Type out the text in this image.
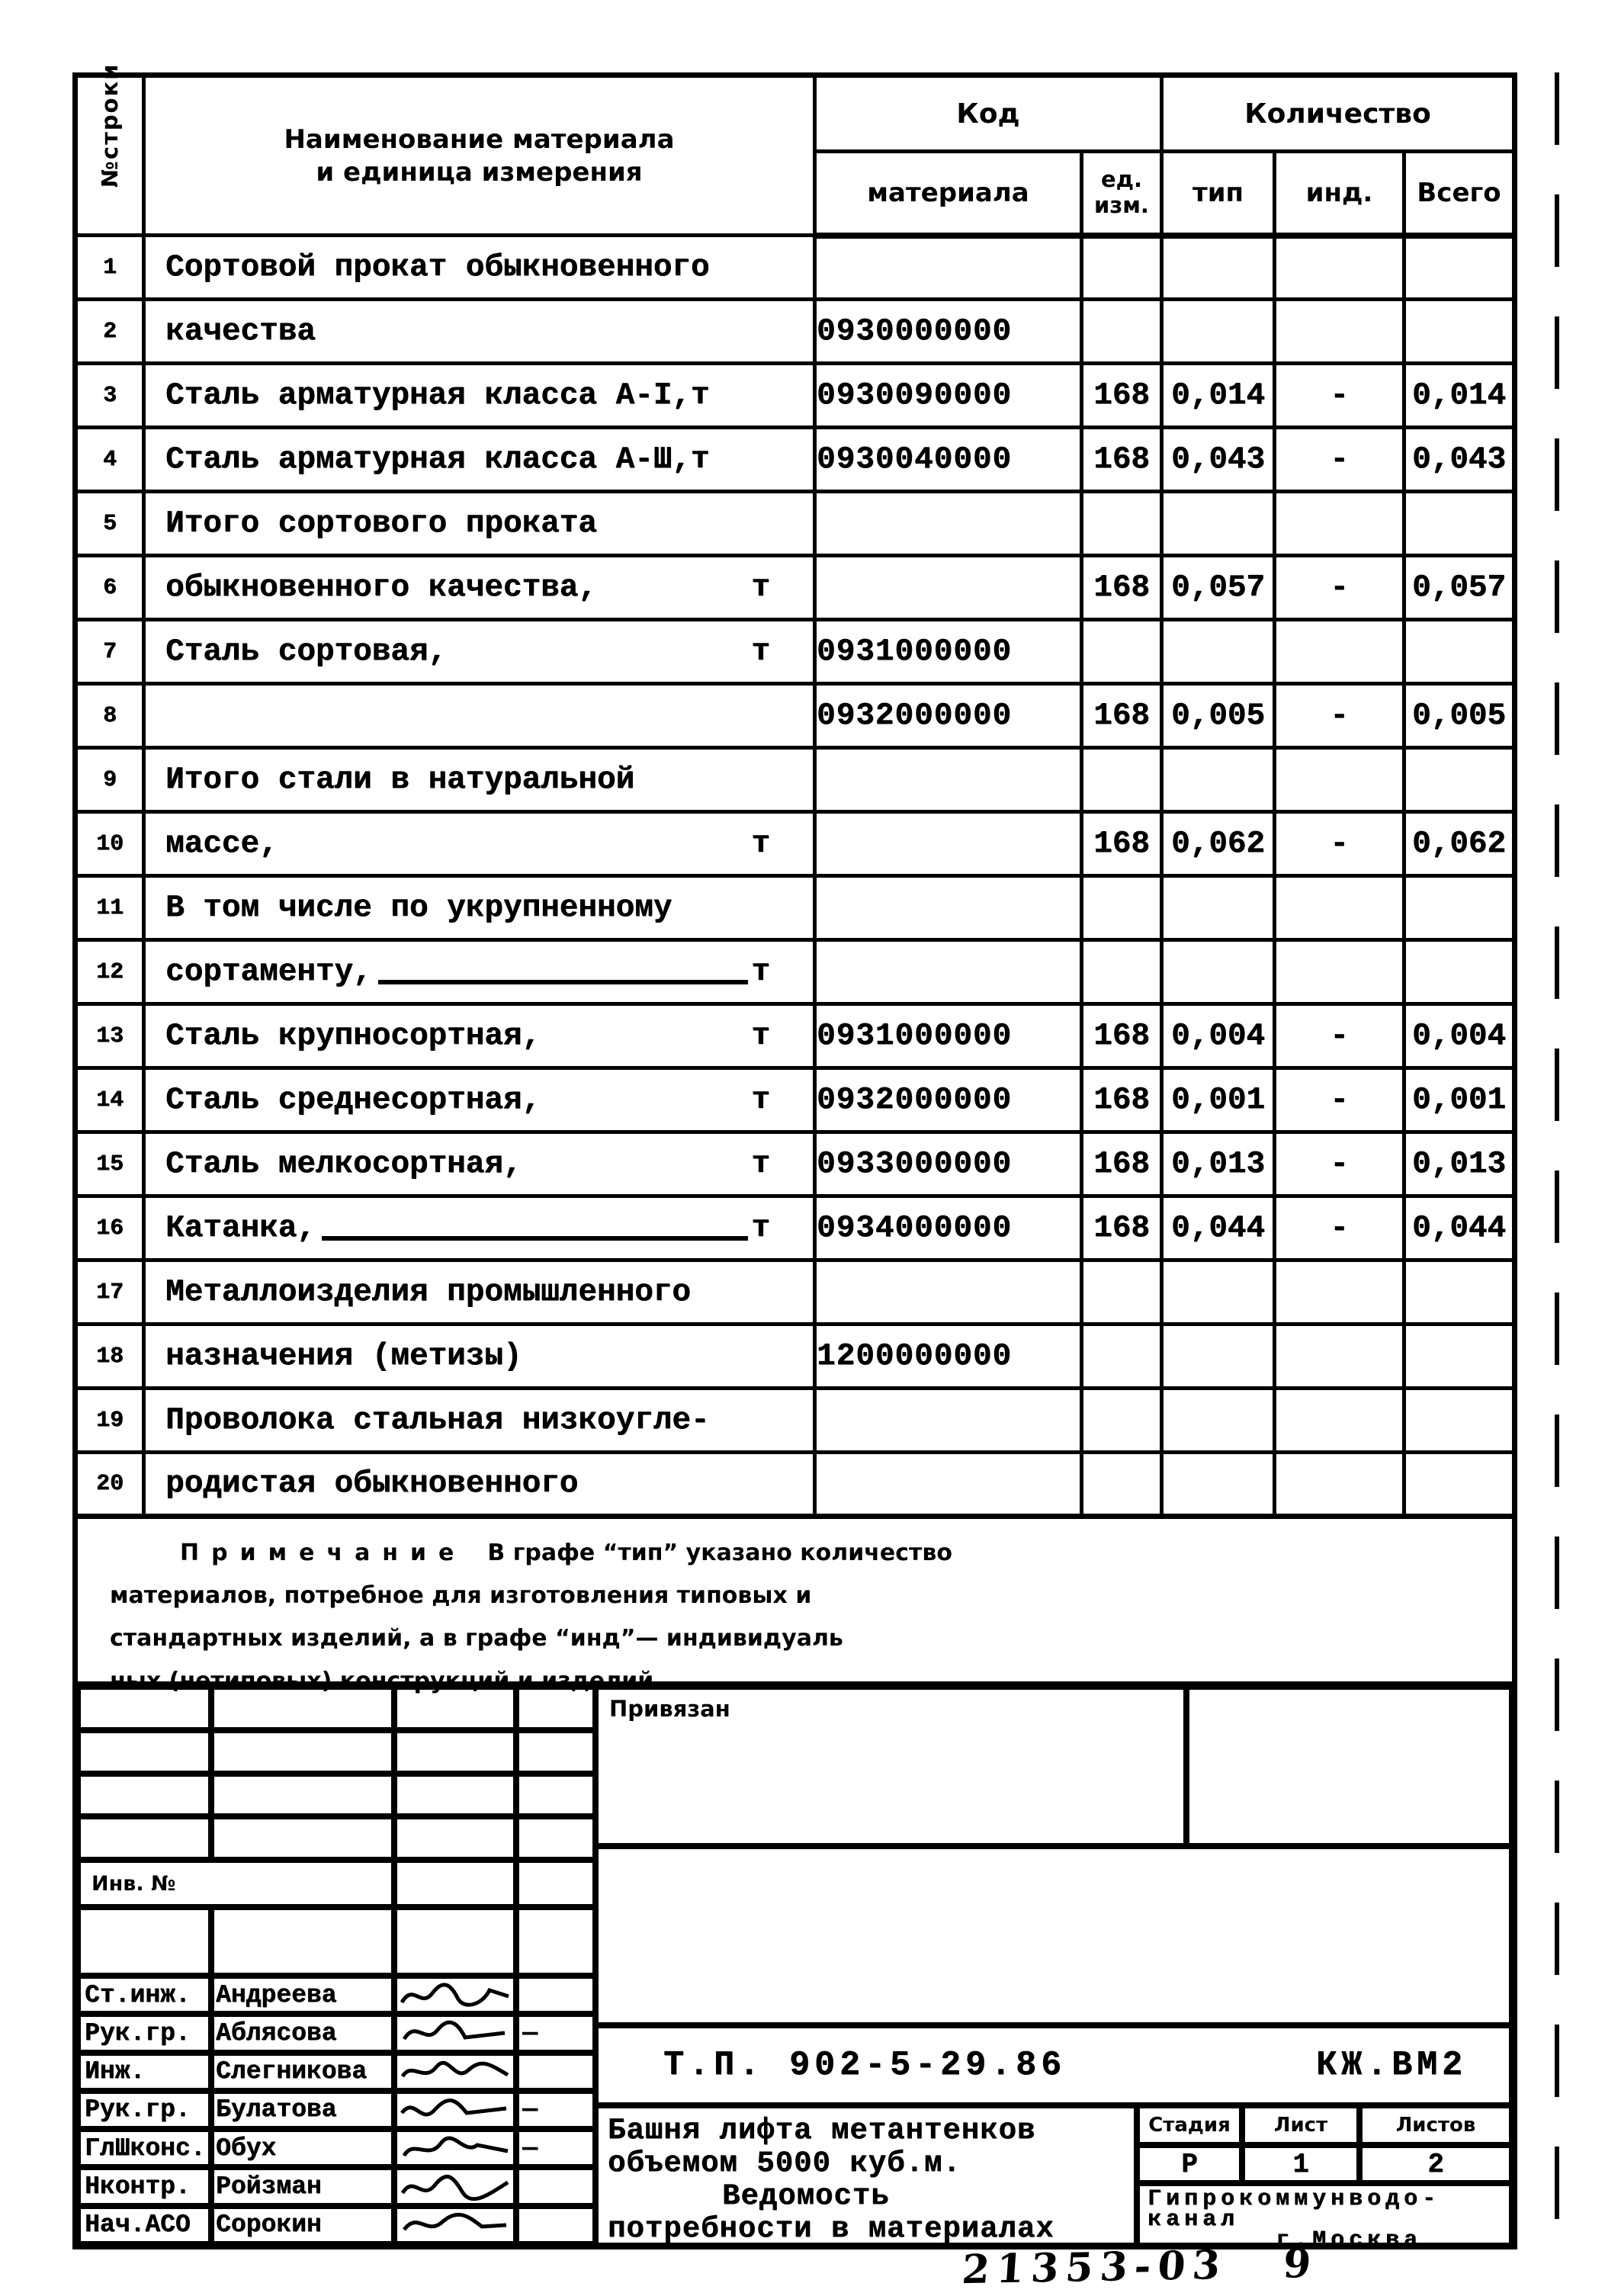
№строки	Наименование материала
и единица измерения	Код		Количество		
		материала	ед. изм.	тип	инд.	Всего
1	Сортовой прокат обыкновенного					

2	качества	0930000000				
3	Сталь арматурная класса А-I,т	0930090000	168	0,014	-	0,014
4	Сталь арматурная класса А-Ш,т	0930040000	168	0,043	-	0,043
5	Итого сортового проката					

6	обыкновенного качества, т		168	0,057	-	0,057
7	Сталь сортовая, т	0931000000				
8		0932000000	168	0,005	-	0,005
9	Итого стали в натуральной					

10	массе, т		168	0,062	-	0,062
11	В том числе по укрупненному					

12	сортаменту, т					

13	Сталь крупносортная, т	0931000000	168	0,004	-	0,004
14	Сталь среднесортная, т	0932000000	168	0,001	-	0,001
15	Сталь мелкосортная, т	0933000000	168	0,013	-	0,013
16	Катанка, т	0934000000	168	0,044	-	0,044
17	Металлоизделия промышленного					

18	назначения (метизы)	1200000000				
19	Проволока стальная низкоугле-					

20	родистая обыкновенного					

Примечание В графе “тип” указано количество
материалов, потребное для изготовления типовых и
стандартных изделий, а в графе “инд”— индивидуаль
ных (нетиповых) конструкций и изделий
Инв. №
Ст.инж.	Андреева
Рук.гр.	Аблясова	—
Инж.	Слегникова
Рук.гр.	Булатова	—
ГлШконс. Обух	—
Нконтр.	Ройзман
Нач.АСО	Сорокин
Привязан
Т.П. 902-5-29.86	КЖ.ВМ2
Башня лифта метантенков
объемом 5000 куб.м.
Ведомость
потребности в материалах
Стадия	Лист	Листов
Р	1	2
Гипрокоммунводо-
канал
г.Москва
21353-03 9
